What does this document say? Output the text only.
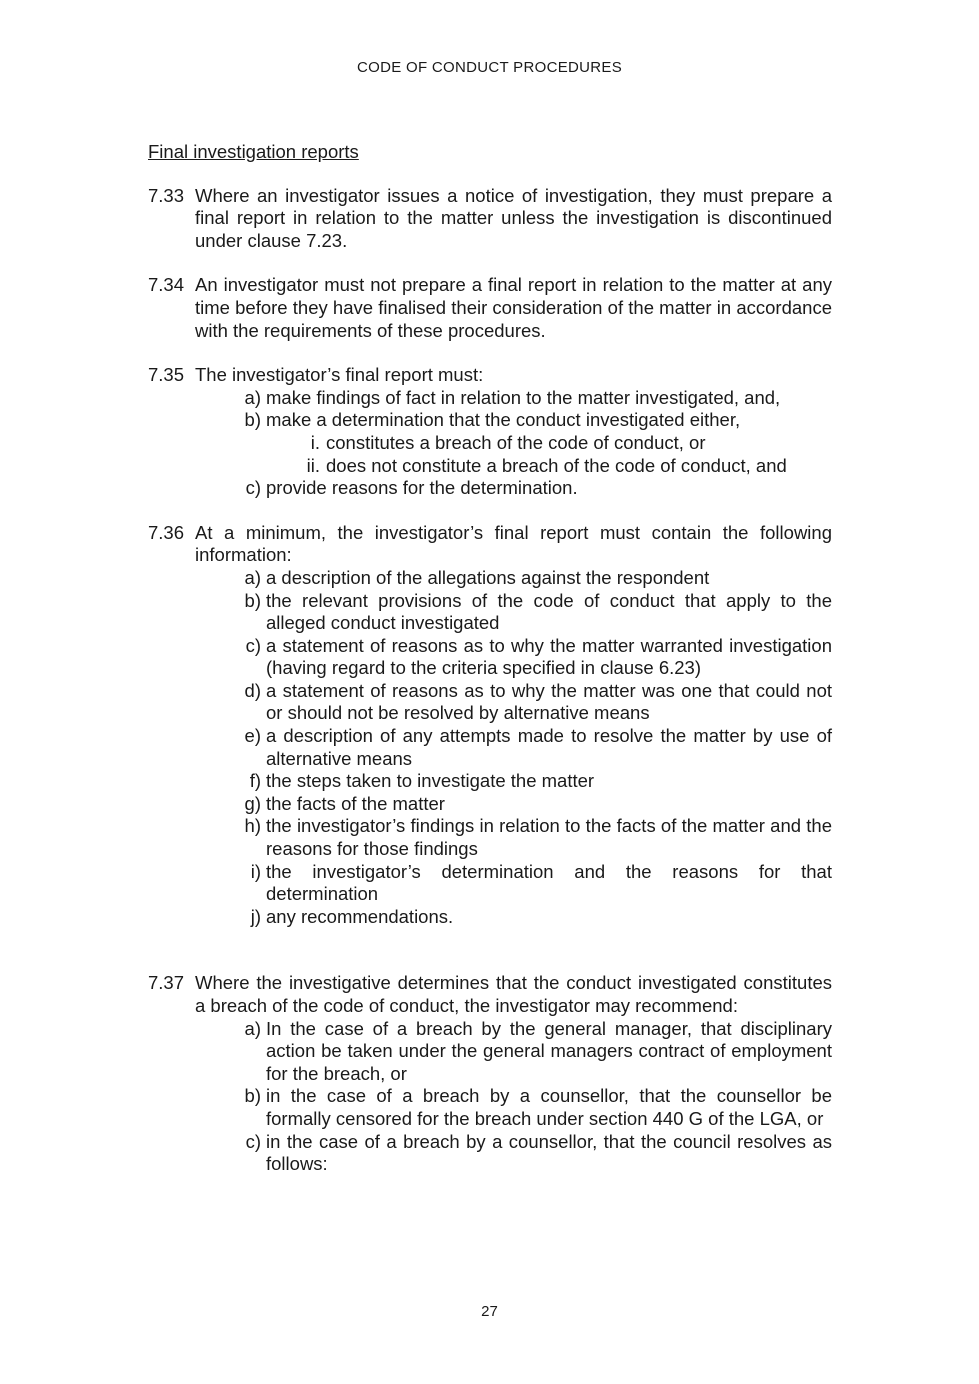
CODE OF CONDUCT PROCEDURES
Final investigation reports
7.33 Where an investigator issues a notice of investigation, they must prepare a final report in relation to the matter unless the investigation is discontinued under clause 7.23.
7.34 An investigator must not prepare a final report in relation to the matter at any time before they have finalised their consideration of the matter in accordance with the requirements of these procedures.
7.35 The investigator’s final report must:
a) make findings of fact in relation to the matter investigated, and,
b) make a determination that the conduct investigated either,
i. constitutes a breach of the code of conduct, or
ii. does not constitute a breach of the code of conduct, and
c) provide reasons for the determination.
7.36 At a minimum, the investigator’s final report must contain the following information:
a) a description of the allegations against the respondent
b) the relevant provisions of the code of conduct that apply to the alleged conduct investigated
c) a statement of reasons as to why the matter warranted investigation (having regard to the criteria specified in clause 6.23)
d) a statement of reasons as to why the matter was one that could not or should not be resolved by alternative means
e) a description of any attempts made to resolve the matter by use of alternative means
f) the steps taken to investigate the matter
g) the facts of the matter
h) the investigator’s findings in relation to the facts of the matter and the reasons for those findings
i) the investigator’s determination and the reasons for that determination
j) any recommendations.
7.37 Where the investigative determines that the conduct investigated constitutes a breach of the code of conduct, the investigator may recommend:
a) In the case of a breach by the general manager, that disciplinary action be taken under the general managers contract of employment for the breach, or
b) in the case of a breach by a counsellor, that the counsellor be formally censored for the breach under section 440 G of the LGA, or
c) in the case of a breach by a counsellor, that the council resolves as follows:
27
